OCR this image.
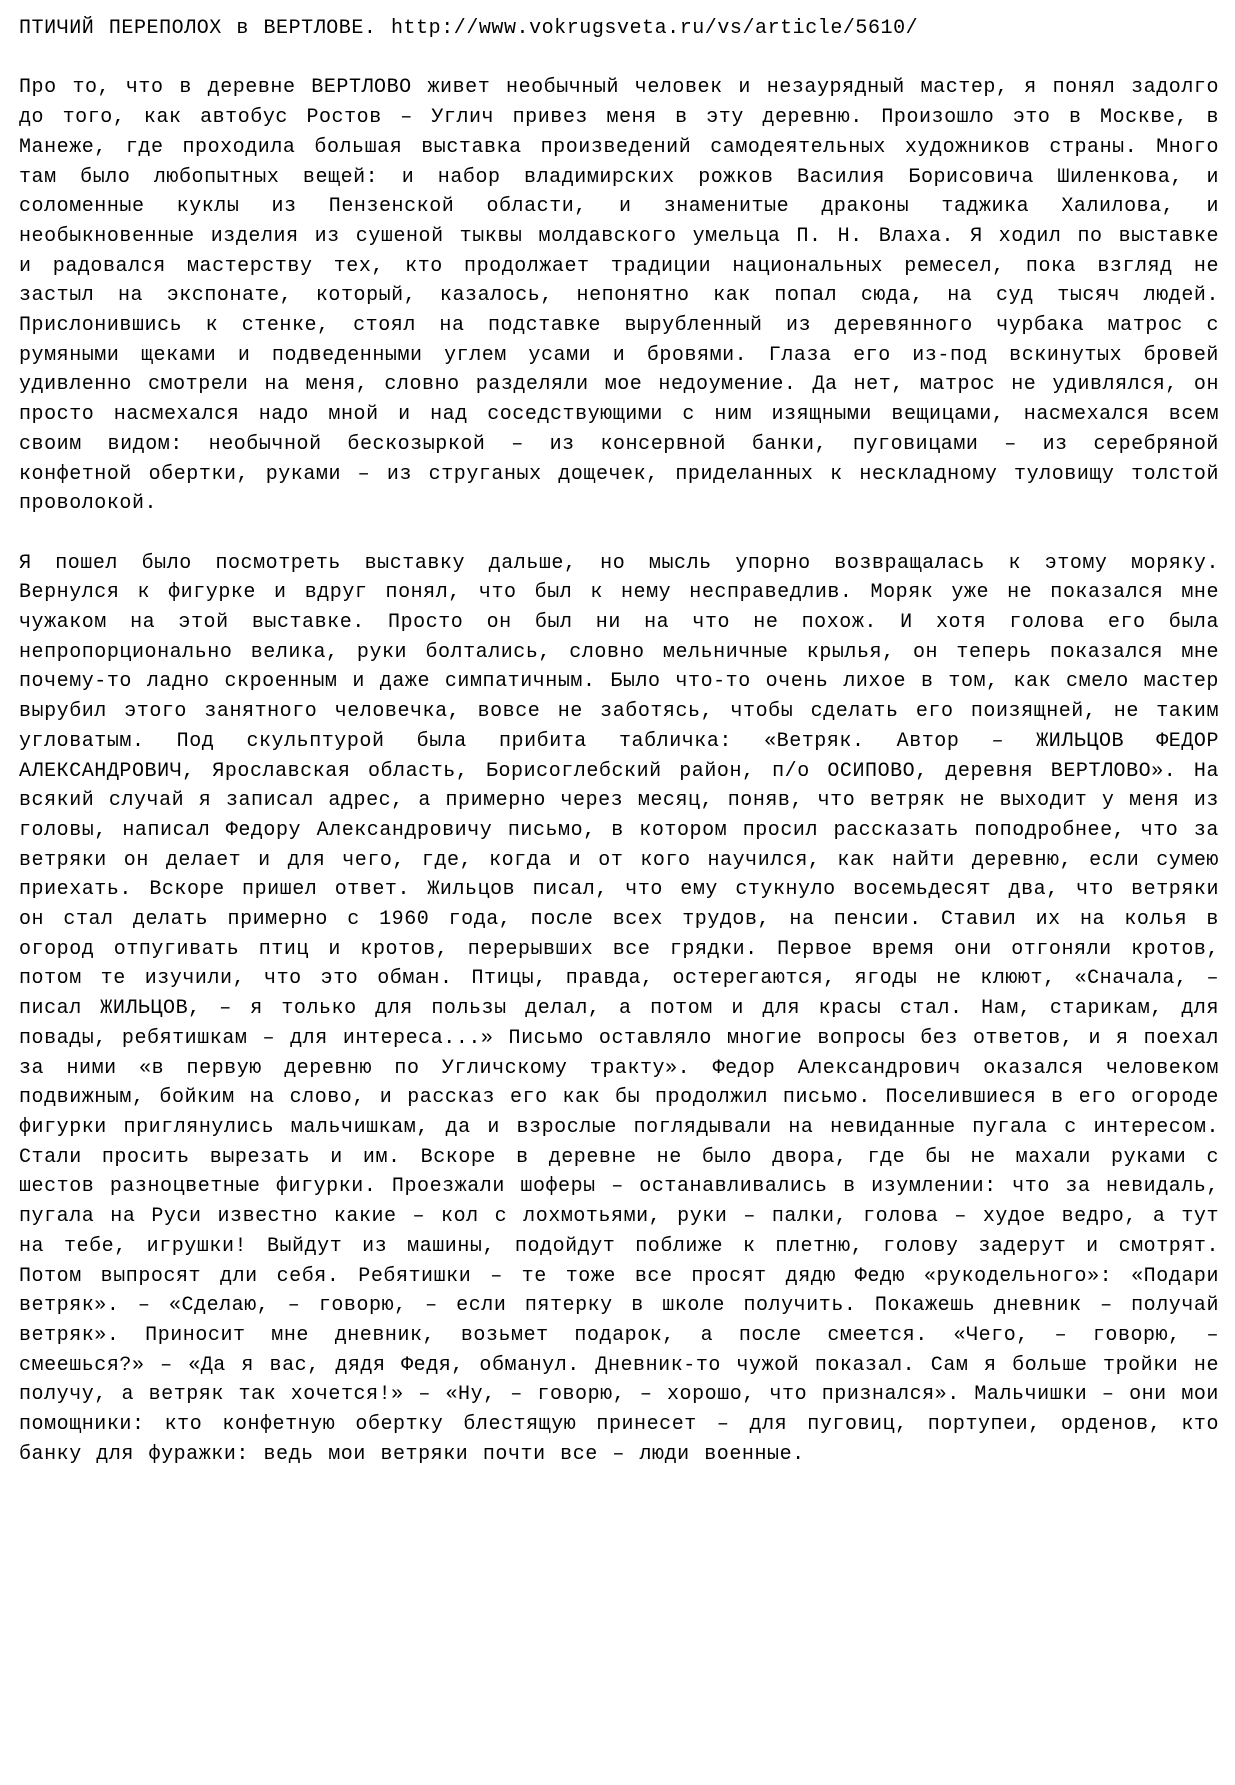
ПТИЧИЙ ПЕРЕПОЛОХ в ВЕРТЛОВЕ. http://www.vokrugsveta.ru/vs/article/5610/

Про то, что в деревне ВЕРТЛОВО живет необычный человек и незаурядный мастер, я понял задолго до того, как автобус Ростов – Углич привез меня в эту деревню. Произошло это в Москве, в Манеже, где проходила большая выставка произведений самодеятельных художников страны. Много там было любопытных вещей: и набор владимирских рожков Василия Борисовича Шиленкова, и соломенные куклы из Пензенской области, и знаменитые драконы таджика Халилова, и необыкновенные изделия из сушеной тыквы молдавского умельца П. Н. Влаха. Я ходил по выставке и радовался мастерству тех, кто продолжает традиции национальных ремесел, пока взгляд не застыл на экспонате, который, казалось, непонятно как попал сюда, на суд тысяч людей. Прислонившись к стенке, стоял на подставке вырубленный из деревянного чурбака матрос с румяными щеками и подведенными углем усами и бровями. Глаза его из-под вскинутых бровей удивленно смотрели на меня, словно разделяли мое недоумение. Да нет, матрос не удивлялся, он просто насмехался надо мной и над соседствующими с ним изящными вещицами, насмехался всем своим видом: необычной бескозыркой – из консервной банки, пуговицами – из серебряной конфетной обертки, руками – из струганых дощечек, приделанных к нескладному туловищу толстой проволокой.

Я пошел было посмотреть выставку дальше, но мысль упорно возвращалась к этому моряку. Вернулся к фигурке и вдруг понял, что был к нему несправедлив. Моряк уже не показался мне чужаком на этой выставке. Просто он был ни на что не похож. И хотя голова его была непропорционально велика, руки болтались, словно мельничные крылья, он теперь показался мне почему-то ладно скроенным и даже симпатичным. Было что-то очень лихое в том, как смело мастер вырубил этого занятного человечка, вовсе не заботясь, чтобы сделать его поизящней, не таким угловатым. Под скульптурой была прибита табличка: «Ветряк. Автор – ЖИЛЬЦОВ ФЕДОР АЛЕКСАНДРОВИЧ, Ярославская область, Борисоглебский район, п/о ОСИПОВО, деревня ВЕРТЛОВО». На всякий случай я записал адрес, а примерно через месяц, поняв, что ветряк не выходит у меня из головы, написал Федору Александровичу письмо, в котором просил рассказать поподробнее, что за ветряки он делает и для чего, где, когда и от кого научился, как найти деревню, если сумею приехать. Вскоре пришел ответ. Жильцов писал, что ему стукнуло восемьдесят два, что ветряки он стал делать примерно с 1960 года, после всех трудов, на пенсии. Ставил их на колья в огород отпугивать птиц и кротов, перерывших все грядки. Первое время они отгоняли кротов, потом те изучили, что это обман. Птицы, правда, остерегаются, ягоды не клюют, «Сначала, – писал ЖИЛЬЦОВ, – я только для пользы делал, а потом и для красы стал. Нам, старикам, для повады, ребятишкам – для интереса...» Письмо оставляло многие вопросы без ответов, и я поехал за ними «в первую деревню по Угличскому тракту». Федор Александрович оказался человеком подвижным, бойким на слово, и рассказ его как бы продолжил письмо. Поселившиеся в его огороде фигурки приглянулись мальчишкам, да и взрослые поглядывали на невиданные пугала с интересом. Стали просить вырезать и им. Вскоре в деревне не было двора, где бы не махали руками с шестов разноцветные фигурки. Проезжали шоферы – останавливались в изумлении: что за невидаль, пугала на Руси известно какие – кол с лохмотьями, руки – палки, голова – худое ведро, а тут на тебе, игрушки! Выйдут из машины, подойдут поближе к плетню, голову задерут и смотрят. Потом выпросят дли себя. Ребятишки – те тоже все просят дядю Федю «рукодельного»: «Подари ветряк». – «Сделаю, – говорю, – если пятерку в школе получить. Покажешь дневник – получай ветряк». Приносит мне дневник, возьмет подарок, а после смеется. «Чего, – говорю, – смеешься?» – «Да я вас, дядя Федя, обманул. Дневник-то чужой показал. Сам я больше тройки не получу, а ветряк так хочется!» – «Ну, – говорю, – хорошо, что признался». Мальчишки – они мои помощники: кто конфетную обертку блестящую принесет – для пуговиц, портупеи, орденов, кто банку для фуражки: ведь мои ветряки почти все – люди военные.
